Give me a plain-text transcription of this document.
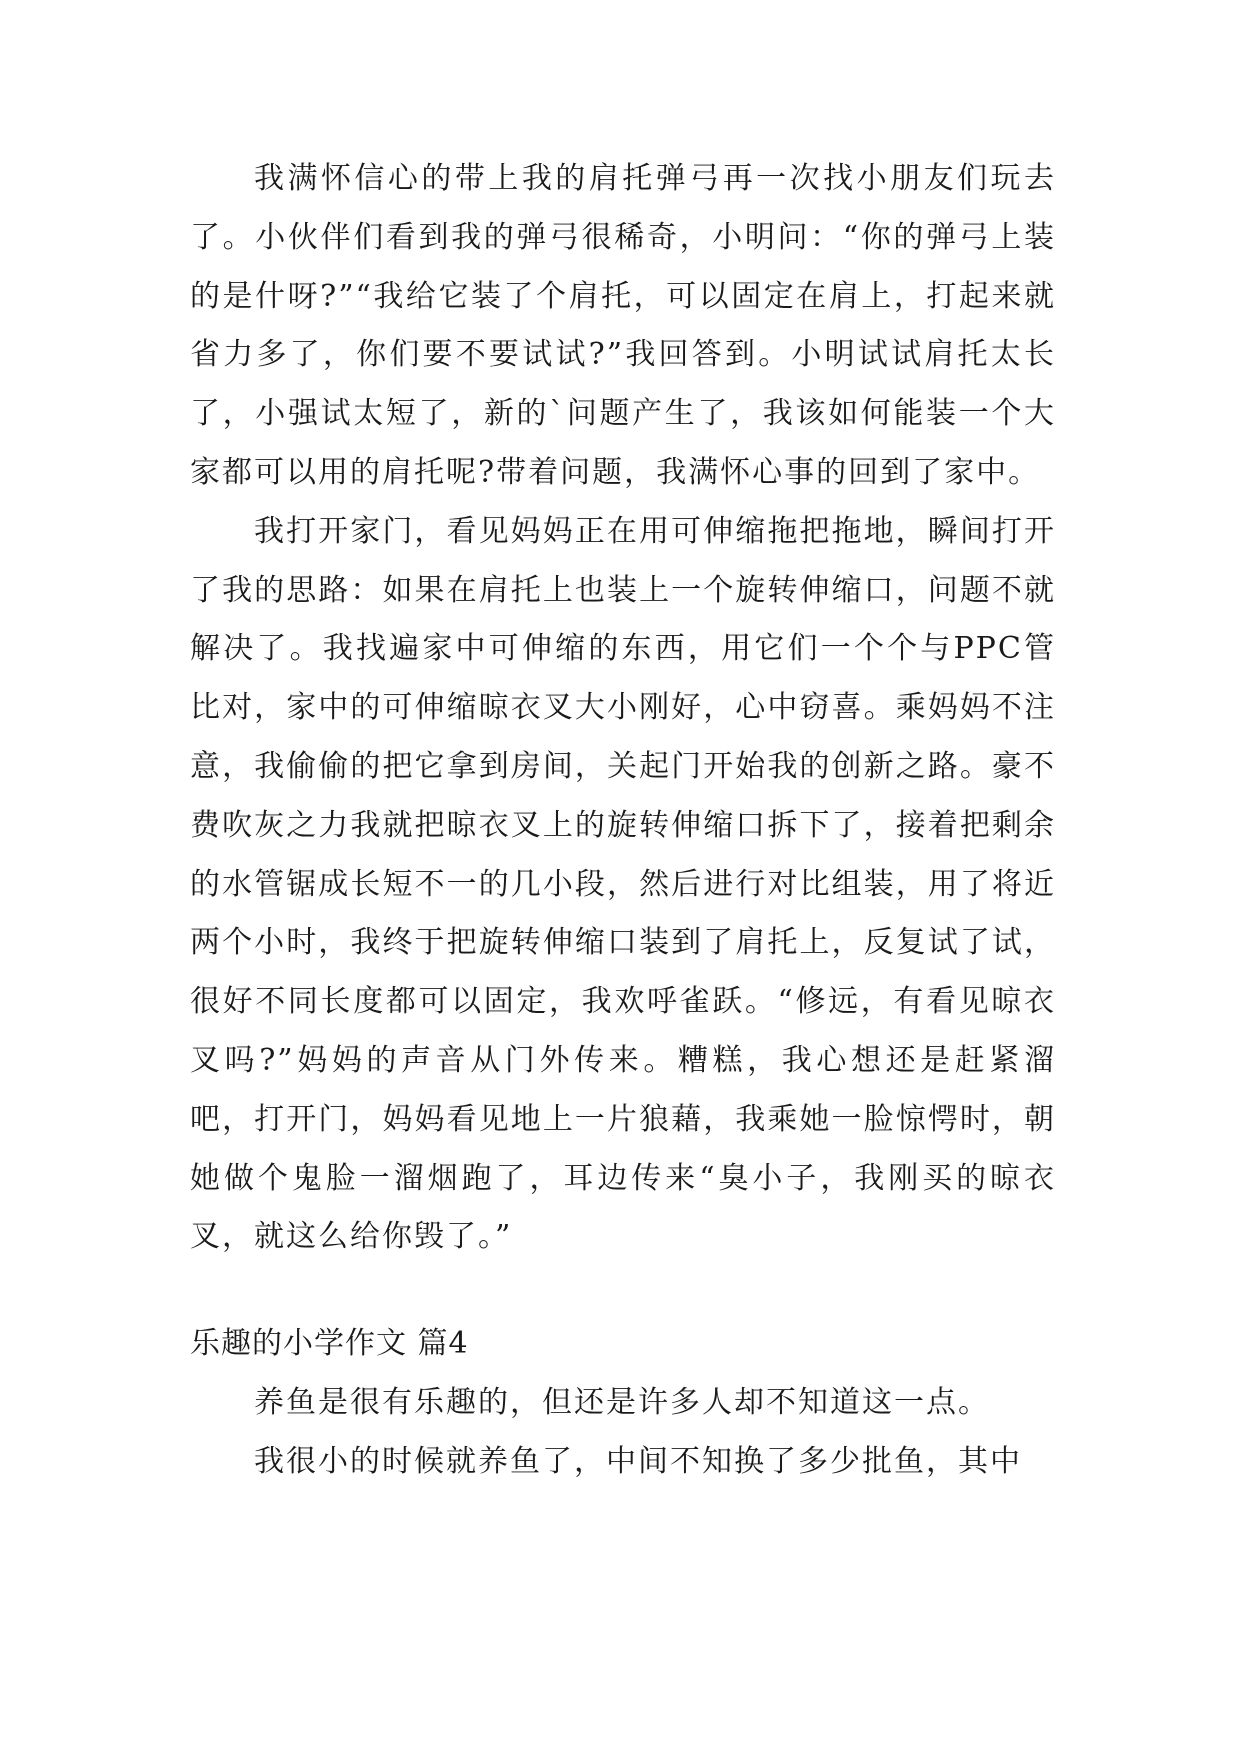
我满怀信心的带上我的肩托弹弓再一次找小朋友们玩去了。小伙伴们看到我的弹弓很稀奇，小明问：“你的弹弓上装的是什呀?”“我给它装了个肩托，可以固定在肩上，打起来就省力多了，你们要不要试试?”我回答到。小明试试肩托太长了，小强试太短了，新的`问题产生了，我该如何能装一个大家都可以用的肩托呢?带着问题，我满怀心事的回到了家中。

我打开家门，看见妈妈正在用可伸缩拖把拖地，瞬间打开了我的思路：如果在肩托上也装上一个旋转伸缩口，问题不就解决了。我找遍家中可伸缩的东西，用它们一个个与PPC管比对，家中的可伸缩晾衣叉大小刚好，心中窃喜。乘妈妈不注意，我偷偷的把它拿到房间，关起门开始我的创新之路。豪不费吹灰之力我就把晾衣叉上的旋转伸缩口拆下了，接着把剩余的水管锯成长短不一的几小段，然后进行对比组装，用了将近两个小时，我终于把旋转伸缩口装到了肩托上，反复试了试，很好不同长度都可以固定，我欢呼雀跃。“修远，有看见晾衣叉吗?”妈妈的声音从门外传来。糟糕，我心想还是赶紧溜吧，打开门，妈妈看见地上一片狼藉，我乘她一脸惊愕时，朝她做个鬼脸一溜烟跑了，耳边传来“臭小子，我刚买的晾衣叉，就这么给你毁了。”

乐趣的小学作文 篇4

养鱼是很有乐趣的，但还是许多人却不知道这一点。

我很小的时候就养鱼了，中间不知换了多少批鱼，其中
